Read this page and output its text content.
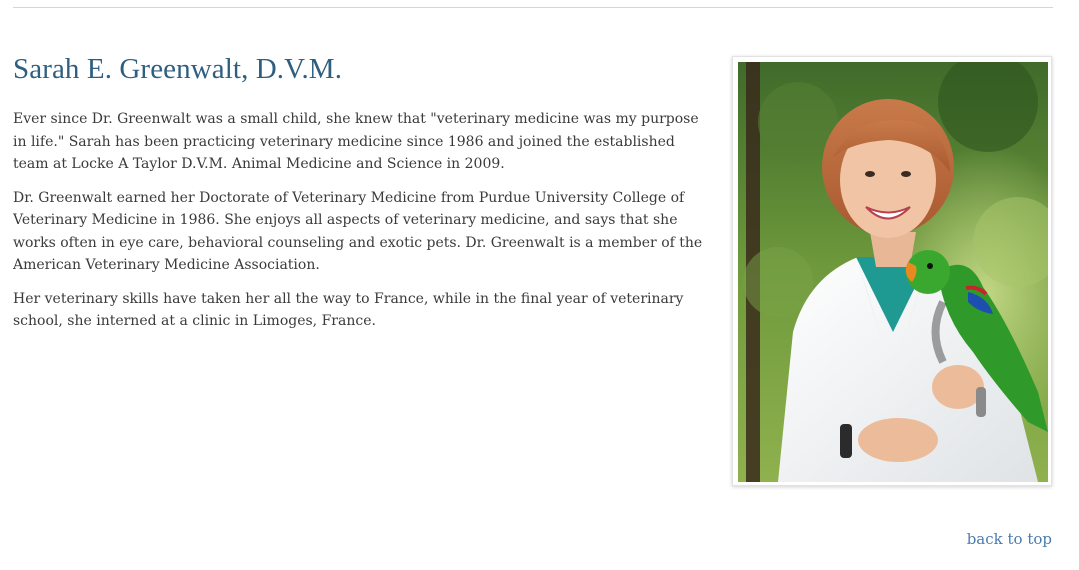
Sarah E. Greenwalt, D.V.M.

Ever since Dr. Greenwalt was a small child, she knew that "veterinary medicine was my purpose in life." Sarah has been practicing veterinary medicine since 1986 and joined the established team at Locke A Taylor D.V.M. Animal Medicine and Science in 2009.

Dr. Greenwalt earned her Doctorate of Veterinary Medicine from Purdue University College of Veterinary Medicine in 1986. She enjoys all aspects of veterinary medicine, and says that she works often in eye care, behavioral counseling and exotic pets. Dr. Greenwalt is a member of the American Veterinary Medicine Association.

Her veterinary skills have taken her all the way to France, while in the final year of veterinary school, she interned at a clinic in Limoges, France.

back to top
